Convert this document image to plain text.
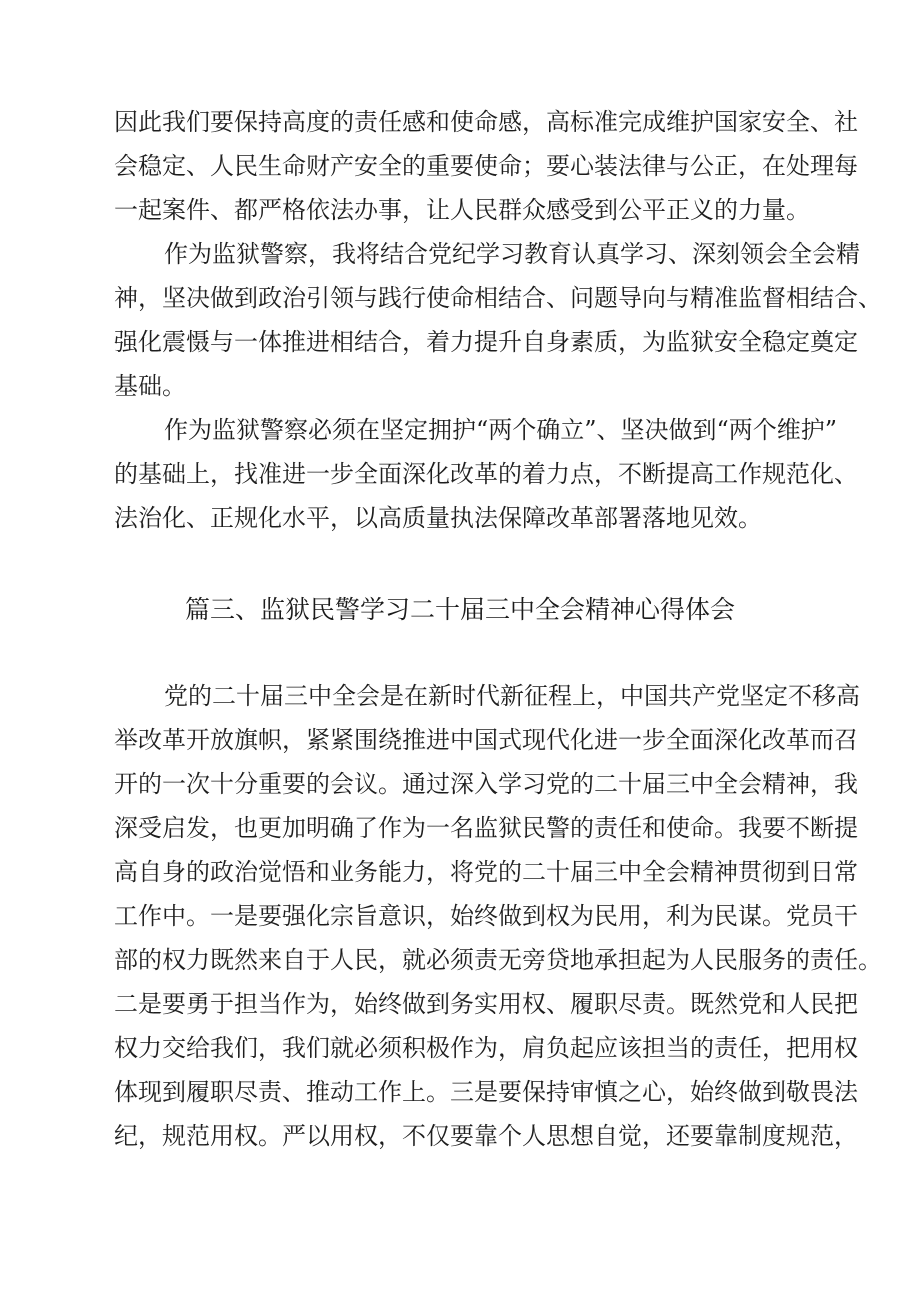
因此我们要保持高度的责任感和使命感，高标准完成维护国家安全、社
会稳定、人民生命财产安全的重要使命；要心装法律与公正，在处理每
一起案件、都严格依法办事，让人民群众感受到公平正义的力量。
作为监狱警察，我将结合党纪学习教育认真学习、深刻领会全会精
神，坚决做到政治引领与践行使命相结合、问题导向与精准监督相结合、
强化震慑与一体推进相结合，着力提升自身素质，为监狱安全稳定奠定
基础。
作为监狱警察必须在坚定拥护“两个确立”、坚决做到“两个维护”
的基础上，找准进一步全面深化改革的着力点，不断提高工作规范化、
法治化、正规化水平，以高质量执法保障改革部署落地见效。
篇三、监狱民警学习二十届三中全会精神心得体会
党的二十届三中全会是在新时代新征程上，中国共产党坚定不移高
举改革开放旗帜，紧紧围绕推进中国式现代化进一步全面深化改革而召
开的一次十分重要的会议。通过深入学习党的二十届三中全会精神，我
深受启发，也更加明确了作为一名监狱民警的责任和使命。我要不断提
高自身的政治觉悟和业务能力，将党的二十届三中全会精神贯彻到日常
工作中。一是要强化宗旨意识，始终做到权为民用，利为民谋。党员干
部的权力既然来自于人民，就必须责无旁贷地承担起为人民服务的责任。
二是要勇于担当作为，始终做到务实用权、履职尽责。既然党和人民把
权力交给我们，我们就必须积极作为，肩负起应该担当的责任，把用权
体现到履职尽责、推动工作上。三是要保持审慎之心，始终做到敬畏法
纪，规范用权。严以用权，不仅要靠个人思想自觉，还要靠制度规范，
